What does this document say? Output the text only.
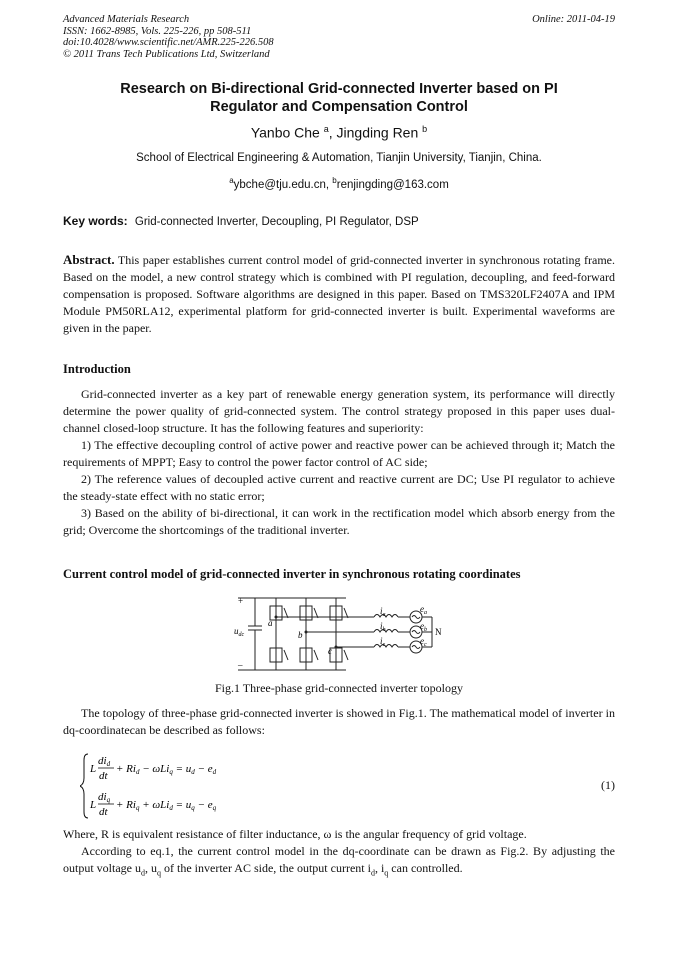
Advanced Materials Research
ISSN: 1662-8985, Vols. 225-226, pp 508-511
doi:10.4028/www.scientific.net/AMR.225-226.508
© 2011 Trans Tech Publications Ltd, Switzerland
Online: 2011-04-19
Research on Bi-directional Grid-connected Inverter based on PI
Regulator and Compensation Control
Yanbo Che $^a$, Jingding Ren $^b$
School of Electrical Engineering & Automation, Tianjin University, Tianjin, China.
$^a$ybche@tju.edu.cn, $^b$renjingding@163.com
Key words: Grid-connected Inverter, Decoupling, PI Regulator, DSP

Abstract. This paper establishes current control model of grid-connected inverter in synchronous rotating frame. Based on the model, a new control strategy which is combined with PI regulation, decoupling, and feed-forward compensation is proposed. Software algorithms are designed in this paper. Based on TMS320LF2407A and IPM Module PM50RLA12, experimental platform for grid-connected inverter is built. Experimental waveforms are given in the paper.

Introduction

Grid-connected inverter as a key part of renewable energy generation system, its performance will directly determine the power quality of grid-connected system. The control strategy proposed in this paper uses dual-channel closed-loop structure. It has the following features and superiority:

1) The effective decoupling control of active power and reactive power can be achieved through it; Match the requirements of MPPT; Easy to control the power factor control of AC side;

2) The reference values of decoupled active current and reactive current are DC; Use PI regulator to achieve the steady-state effect with no static error;

3) Based on the ability of bi-directional, it can work in the rectification model which absorb energy from the grid; Overcome the shortcomings of the traditional inverter.

Current control model of grid-connected inverter in synchronous rotating coordinates
+
–
$u_{dc}$
a
b
c
$i_a$
$i_b$
$i_c$
$e_a$
$e_b$
$e_c$
N
Fig.1 Three-phase grid-connected inverter topology

The topology of three-phase grid-connected inverter is showed in Fig.1. The mathematical model of inverter in dq-coordinatecan be described as follows:

L
did
dt
+ Rid − ωLiq = ud − ed
L
diq
dt
+ Riq + ωLid = uq − eq
(1)

Where, R is equivalent resistance of filter inductance, ω is the angular frequency of grid voltage.

According to eq.1, the current control model in the dq-coordinate can be drawn as Fig.2. By adjusting the output voltage $u_d$, $u_q$ of the inverter AC side, the output current $i_d$, $i_q$ can controlled.
